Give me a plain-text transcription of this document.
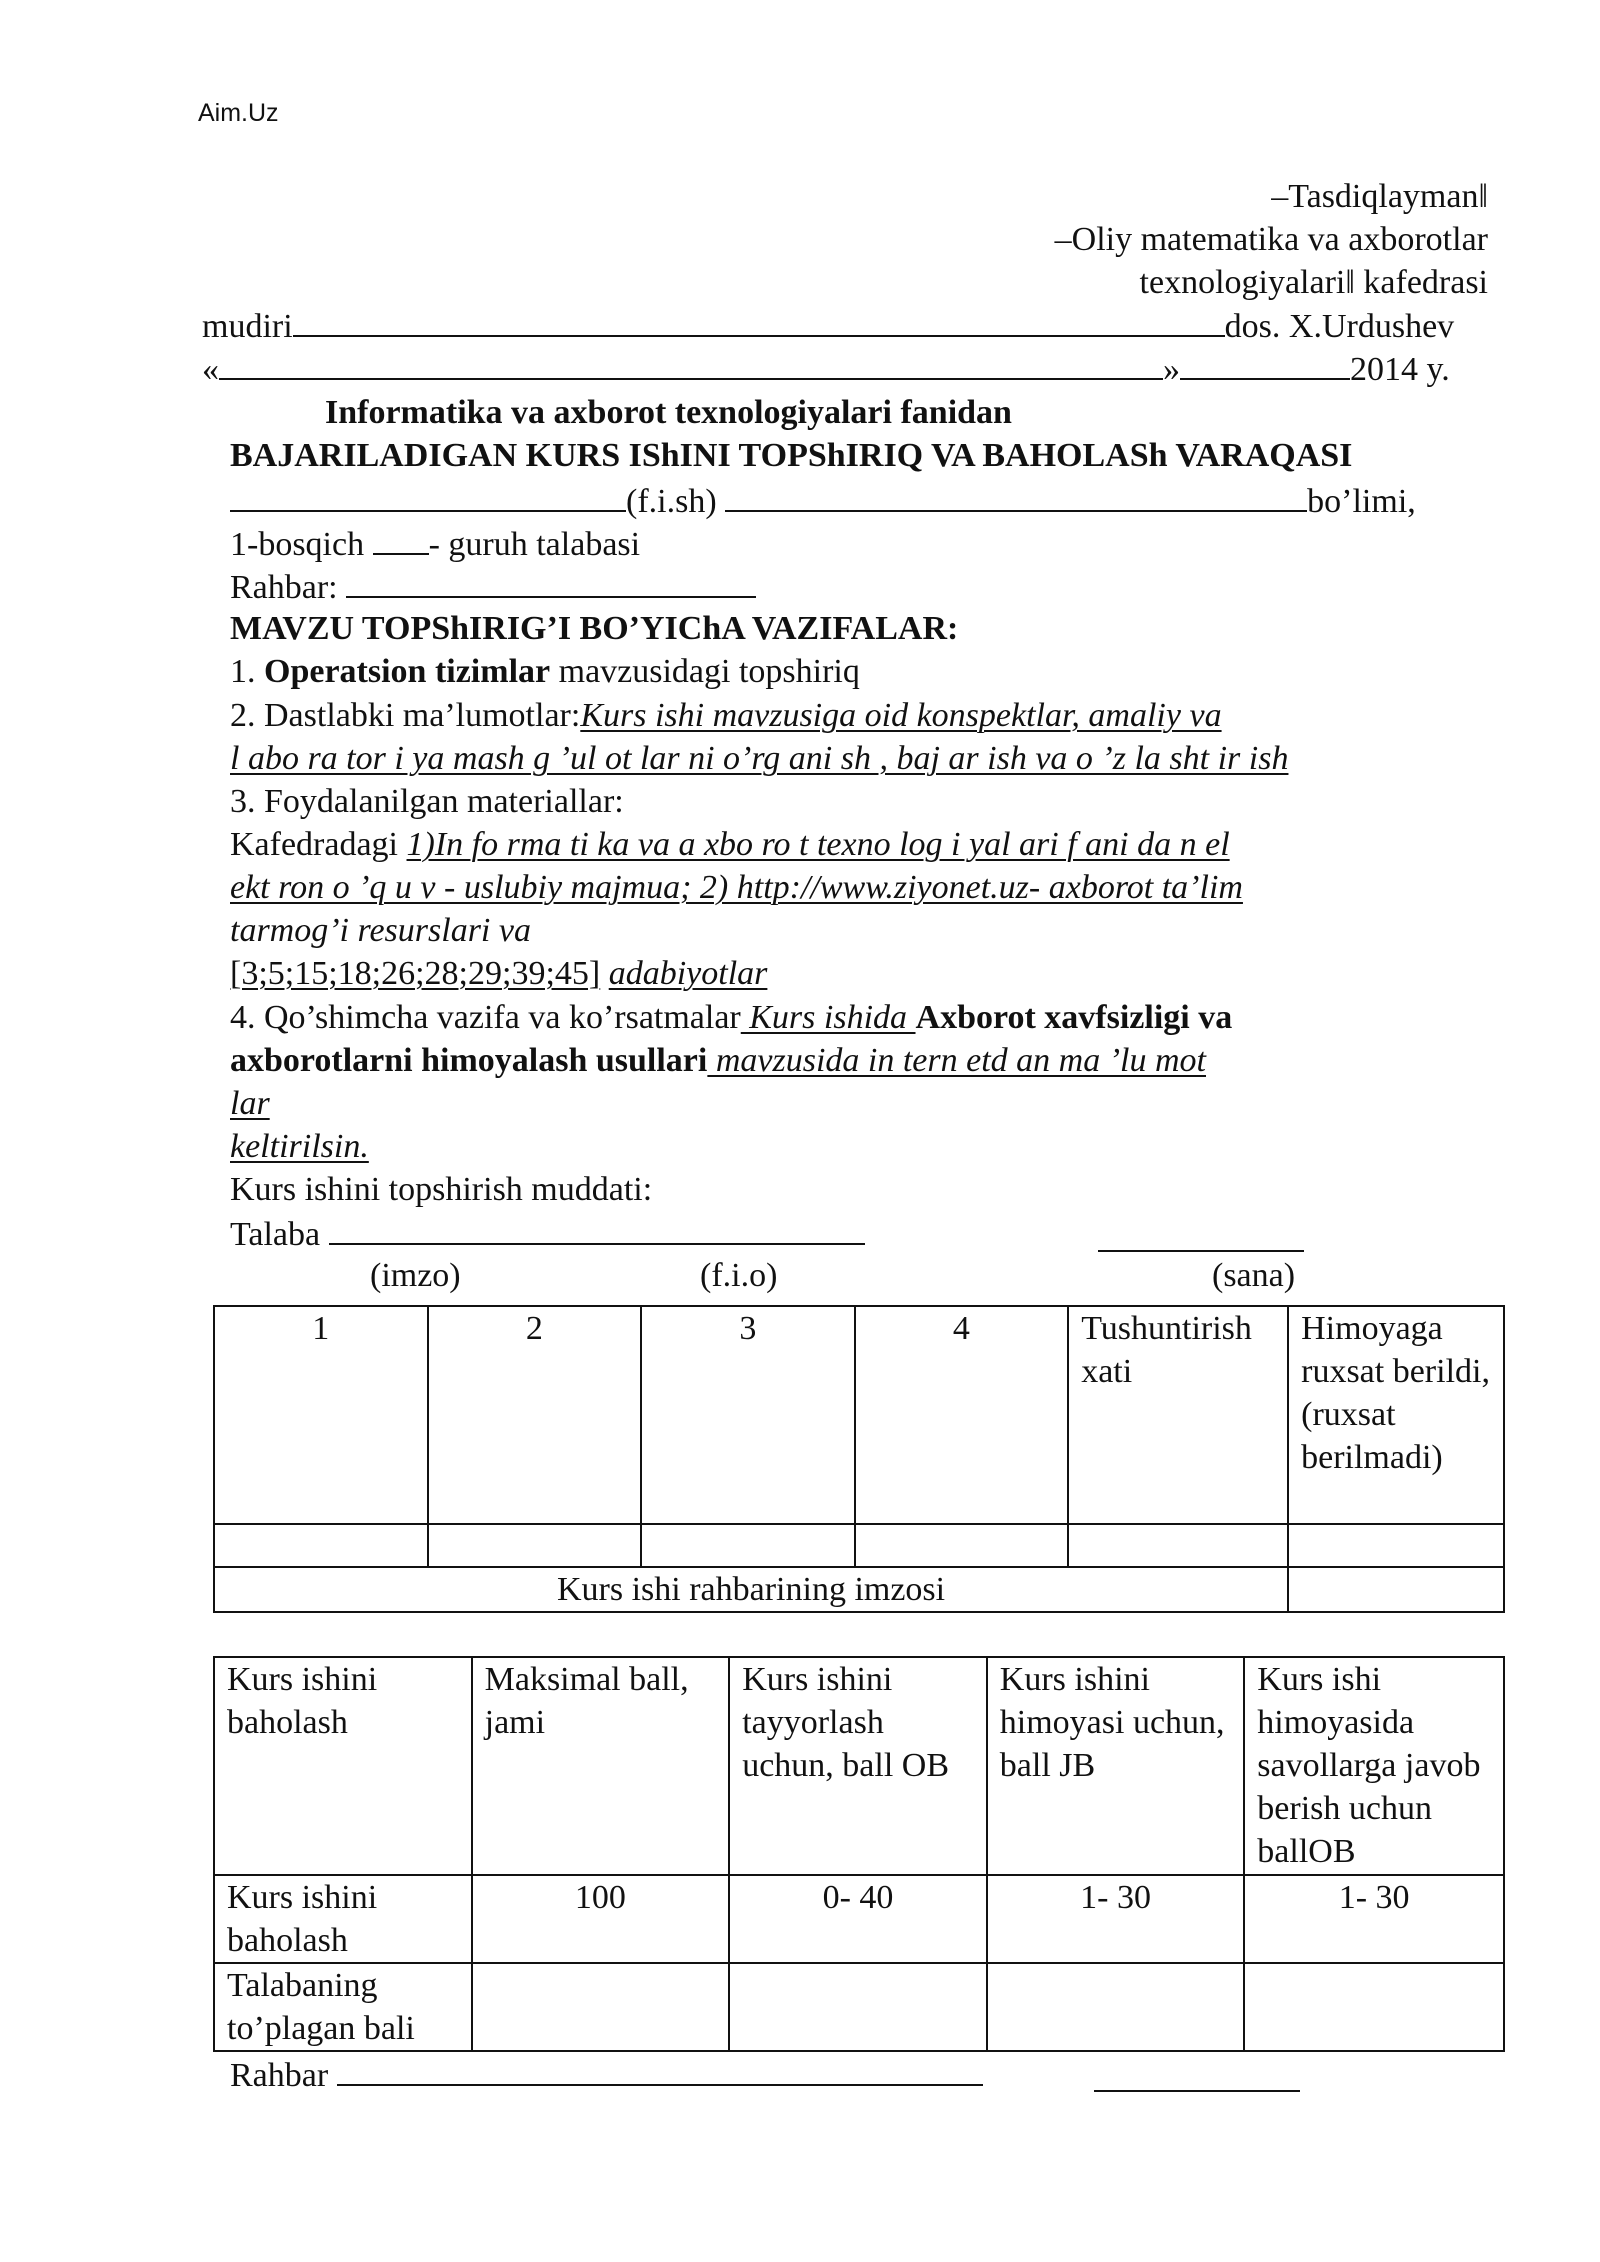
Aim.Uz
–Tasdiqlayman‖
–Oliy matematika va axborotlar
texnologiyalari‖ kafedrasi
mudiri	dos. X.Urdushev
«	»	2014 y.
Informatika va axborot texnologiyalari fanidan
BAJARILADIGAN KURS IShINI TOPShIRIQ VA BAHOLASh VARAQASI
(f.i.sh)	bo’limi,
1-bosqich - guruh talabasi
Rahbar:
MAVZU TOPShIRIG’I BO’YIChA VAZIFALAR:
1. Operatsion tizimlar mavzusidagi topshiriq
2. Dastlabki ma’lumotlar:Kurs ishi mavzusiga oid konspektlar, amaliy va
l abo ra tor i ya mash g ’ul ot lar ni o’rg ani sh , baj ar ish va o ’z la sht ir ish
3. Foydalanilgan materiallar:
Kafedradagi 1)In fo rma ti ka va a xbo ro t texno log i yal ari f ani da n el
ekt ron o ’q u v - uslubiy majmua; 2) http://www.ziyonet.uz- axborot ta’lim
tarmog’i resurslari va
[3;5;15;18;26;28;29;39;45] adabiyotlar
4. Qo’shimcha vazifa va ko’rsatmalar Kurs ishida Axborot xavfsizligi va
axborotlarni himoyalash usullari mavzusida in tern etd an ma ’lu mot
lar
keltirilsin.
Kurs ishini topshirish muddati:
Talaba
(imzo)	(f.i.o)	(sana)
1	2	3	4	Tushuntirish xati	Himoyaga ruxsat berildi, (ruxsat berilmadi)

Kurs ishi rahbarining imzosi					
Kurs ishini baholash	Maksimal ball, jami	Kurs ishini tayyorlash uchun, ball OB	Kurs ishini himoyasi uchun, ball JB	Kurs ishi himoyasida savollarga javob berish uchun ballOB
Kurs ishini baholash	100	0- 40	1- 30	1- 30
Talabaning to’plagan bali				
Rahbar
